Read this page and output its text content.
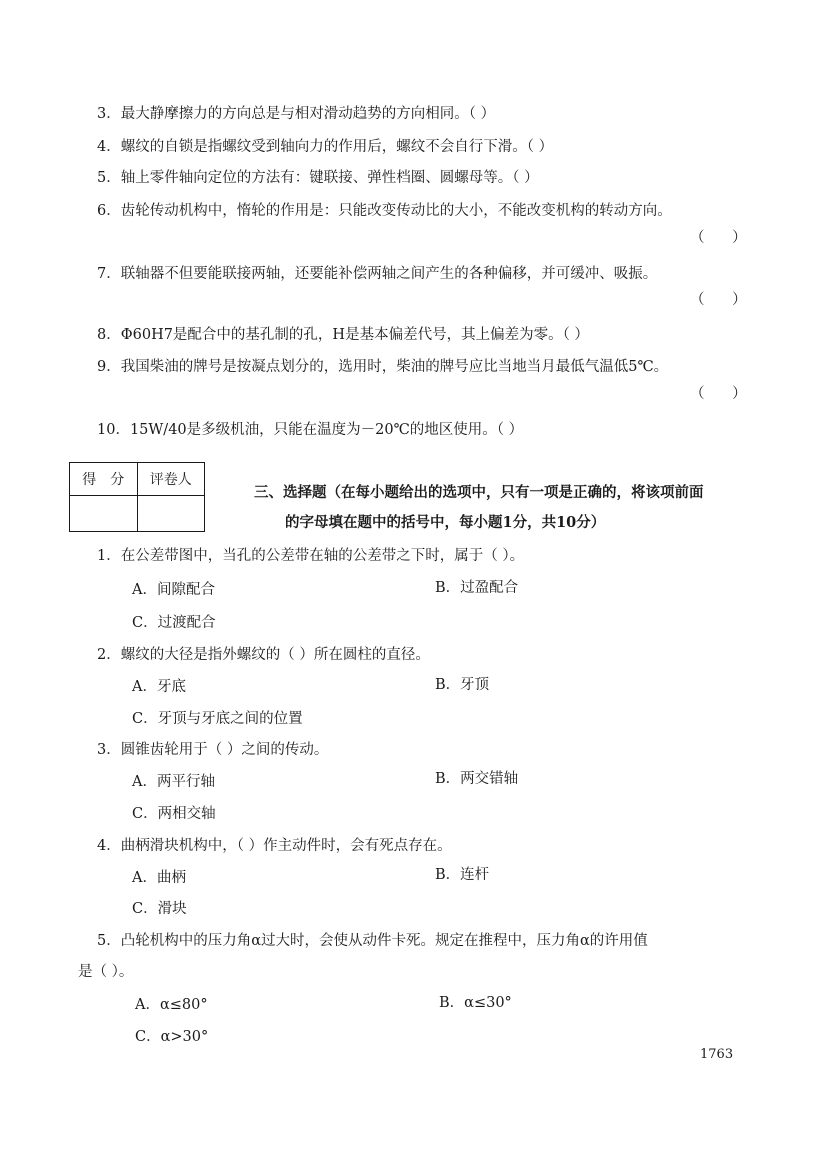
3．最大静摩擦力的方向总是与相对滑动趋势的方向相同。（ ）
4．螺纹的自锁是指螺纹受到轴向力的作用后，螺纹不会自行下滑。（ ）
5．轴上零件轴向定位的方法有：键联接、弹性档圈、圆螺母等。（ ）
6．齿轮传动机构中，惰轮的作用是：只能改变传动比的大小，不能改变机构的转动方向。
（      ）
7．联轴器不但要能联接两轴，还要能补偿两轴之间产生的各种偏移，并可缓冲、吸振。
（      ）
8．Φ60H7是配合中的基孔制的孔，H是基本偏差代号，其上偏差为零。（ ）
9．我国柴油的牌号是按凝点划分的，选用时，柴油的牌号应比当地当月最低气温低5℃。
（      ）
10．15W/40是多级机油，只能在温度为－20℃的地区使用。（ ）
得　分	评卷人

三、选择题（在每小题给出的选项中，只有一项是正确的，将该项前面
的字母填在题中的括号中，每小题1分，共10分）
1．在公差带图中，当孔的公差带在轴的公差带之下时，属于（ ）。
A．间隙配合	B．过盈配合
C．过渡配合
2．螺纹的大径是指外螺纹的（ ）所在圆柱的直径。
A．牙底	B．牙顶
C．牙顶与牙底之间的位置
3．圆锥齿轮用于（ ）之间的传动。
A．两平行轴	B．两交错轴
C．两相交轴
4．曲柄滑块机构中，（ ）作主动件时，会有死点存在。
A．曲柄	B．连杆
C．滑块
5．凸轮机构中的压力角α过大时，会使从动件卡死。规定在推程中，压力角α的许用值
是（ ）。
A．α≤80°	B．α≤30°
C．α>30°
1763
